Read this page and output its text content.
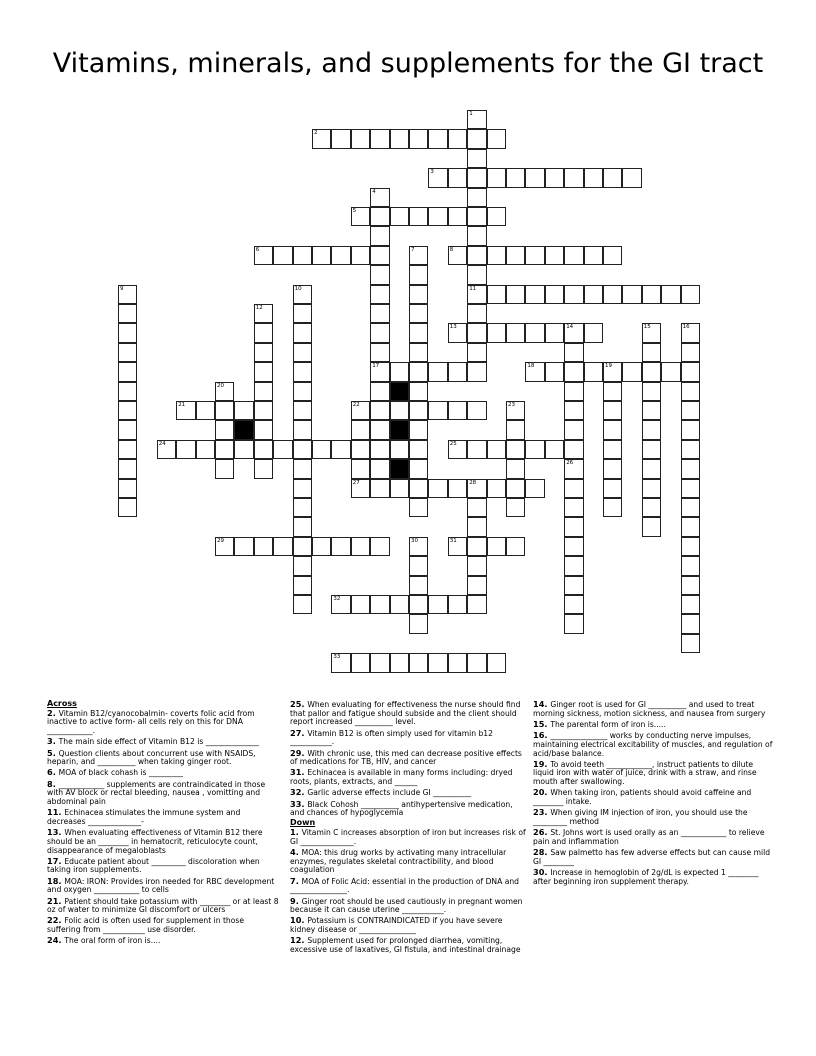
Vitamins, minerals, and supplements for the GI tract
1
11
2
3
4
17
5
6	7	8
9	10
12
13	14	15	16
18	19
20
21	22	23
24	25
26
27	28
29	30	31
32
33
Across
2. Vitamin B12/cyanocobalmin- coverts folic acid from inactive to active form- all cells rely on this for DNA ____________.
3. The main side effect of Vitamin B12 is ______________
5. Question clients about concurrent use with NSAIDS, heparin, and __________ when taking ginger root.
6. MOA of black cohash is _________
8. ____________ supplements are contraindicated in those with AV block or rectal bleeding, nausea , vomitting and abdominal pain
11. Echinacea stimulates the immune system and decreases ______________-
13. When evaluating effectiveness of Vitamin B12 there should be an ________ in hematocrit, reticulocyte count, disappearance of megaloblasts
17. Educate patient about _________ discoloration when taking iron supplements.
18. MOA: IRON: Provides iron needed for RBC development and oxygen ____________ to cells
21. Patient should take potassium with ________ or at least 8 oz of water to minimize GI discomfort or ulcers
22. Folic acid is often used for supplement in those suffering from ___________ use disorder.
24. The oral form of iron is....
25. When evaluating for effectiveness the nurse should find that pallor and fatigue should subside and the client should report increased __________ level.
27. Vitamin B12 is often simply used for vitamin b12 ___________.
29. With chronic use, this med can decrease positive effects of medications for TB, HIV, and cancer
31. Echinacea is available in many forms including: dryed roots, plants, extracts, and ______
32. Garlic adverse effects include GI __________
33. Black Cohosh __________ antihypertensive medication, and chances of hypoglycemia
Down
1. Vitamin C increases absorption of iron but increases risk of GI ______________.
4. MOA: this drug works by activating many intracellular enzymes, regulates skeletal contractibility, and blood coagulation
7. MOA of Folic Acid: essential in the production of DNA and _______________.
9. Ginger root should be used cautiously in pregnant women because it can cause uterine ___________.
10. Potassium is CONTRAINDICATED if you have severe kidney disease or _______________
12. Supplement used for prolonged diarrhea, vomiting, excessive use of laxatives, GI fistula, and intestinal drainage
14. Ginger root is used for GI __________ and used to treat morning sickness, motion sickness, and nausea from surgery
15. The parental form of iron is.....
16. _______________ works by conducting nerve impulses, maintaining electrical excitability of muscles, and regulation of acid/base balance.
19. To avoid teeth ____________, instruct patients to dilute liquid iron with water of juice, drink with a straw, and rinse mouth after swallowing.
20. When taking iron, patients should avoid caffeine and ________ intake.
23. When giving IM injection of iron, you should use the _________ method
26. St. Johns wort is used orally as an ____________ to relieve pain and inflammation
28. Saw palmetto has few adverse effects but can cause mild GI ________
30. Increase in hemoglobin of 2g/dL is expected 1 ________ after beginning iron supplement therapy.
